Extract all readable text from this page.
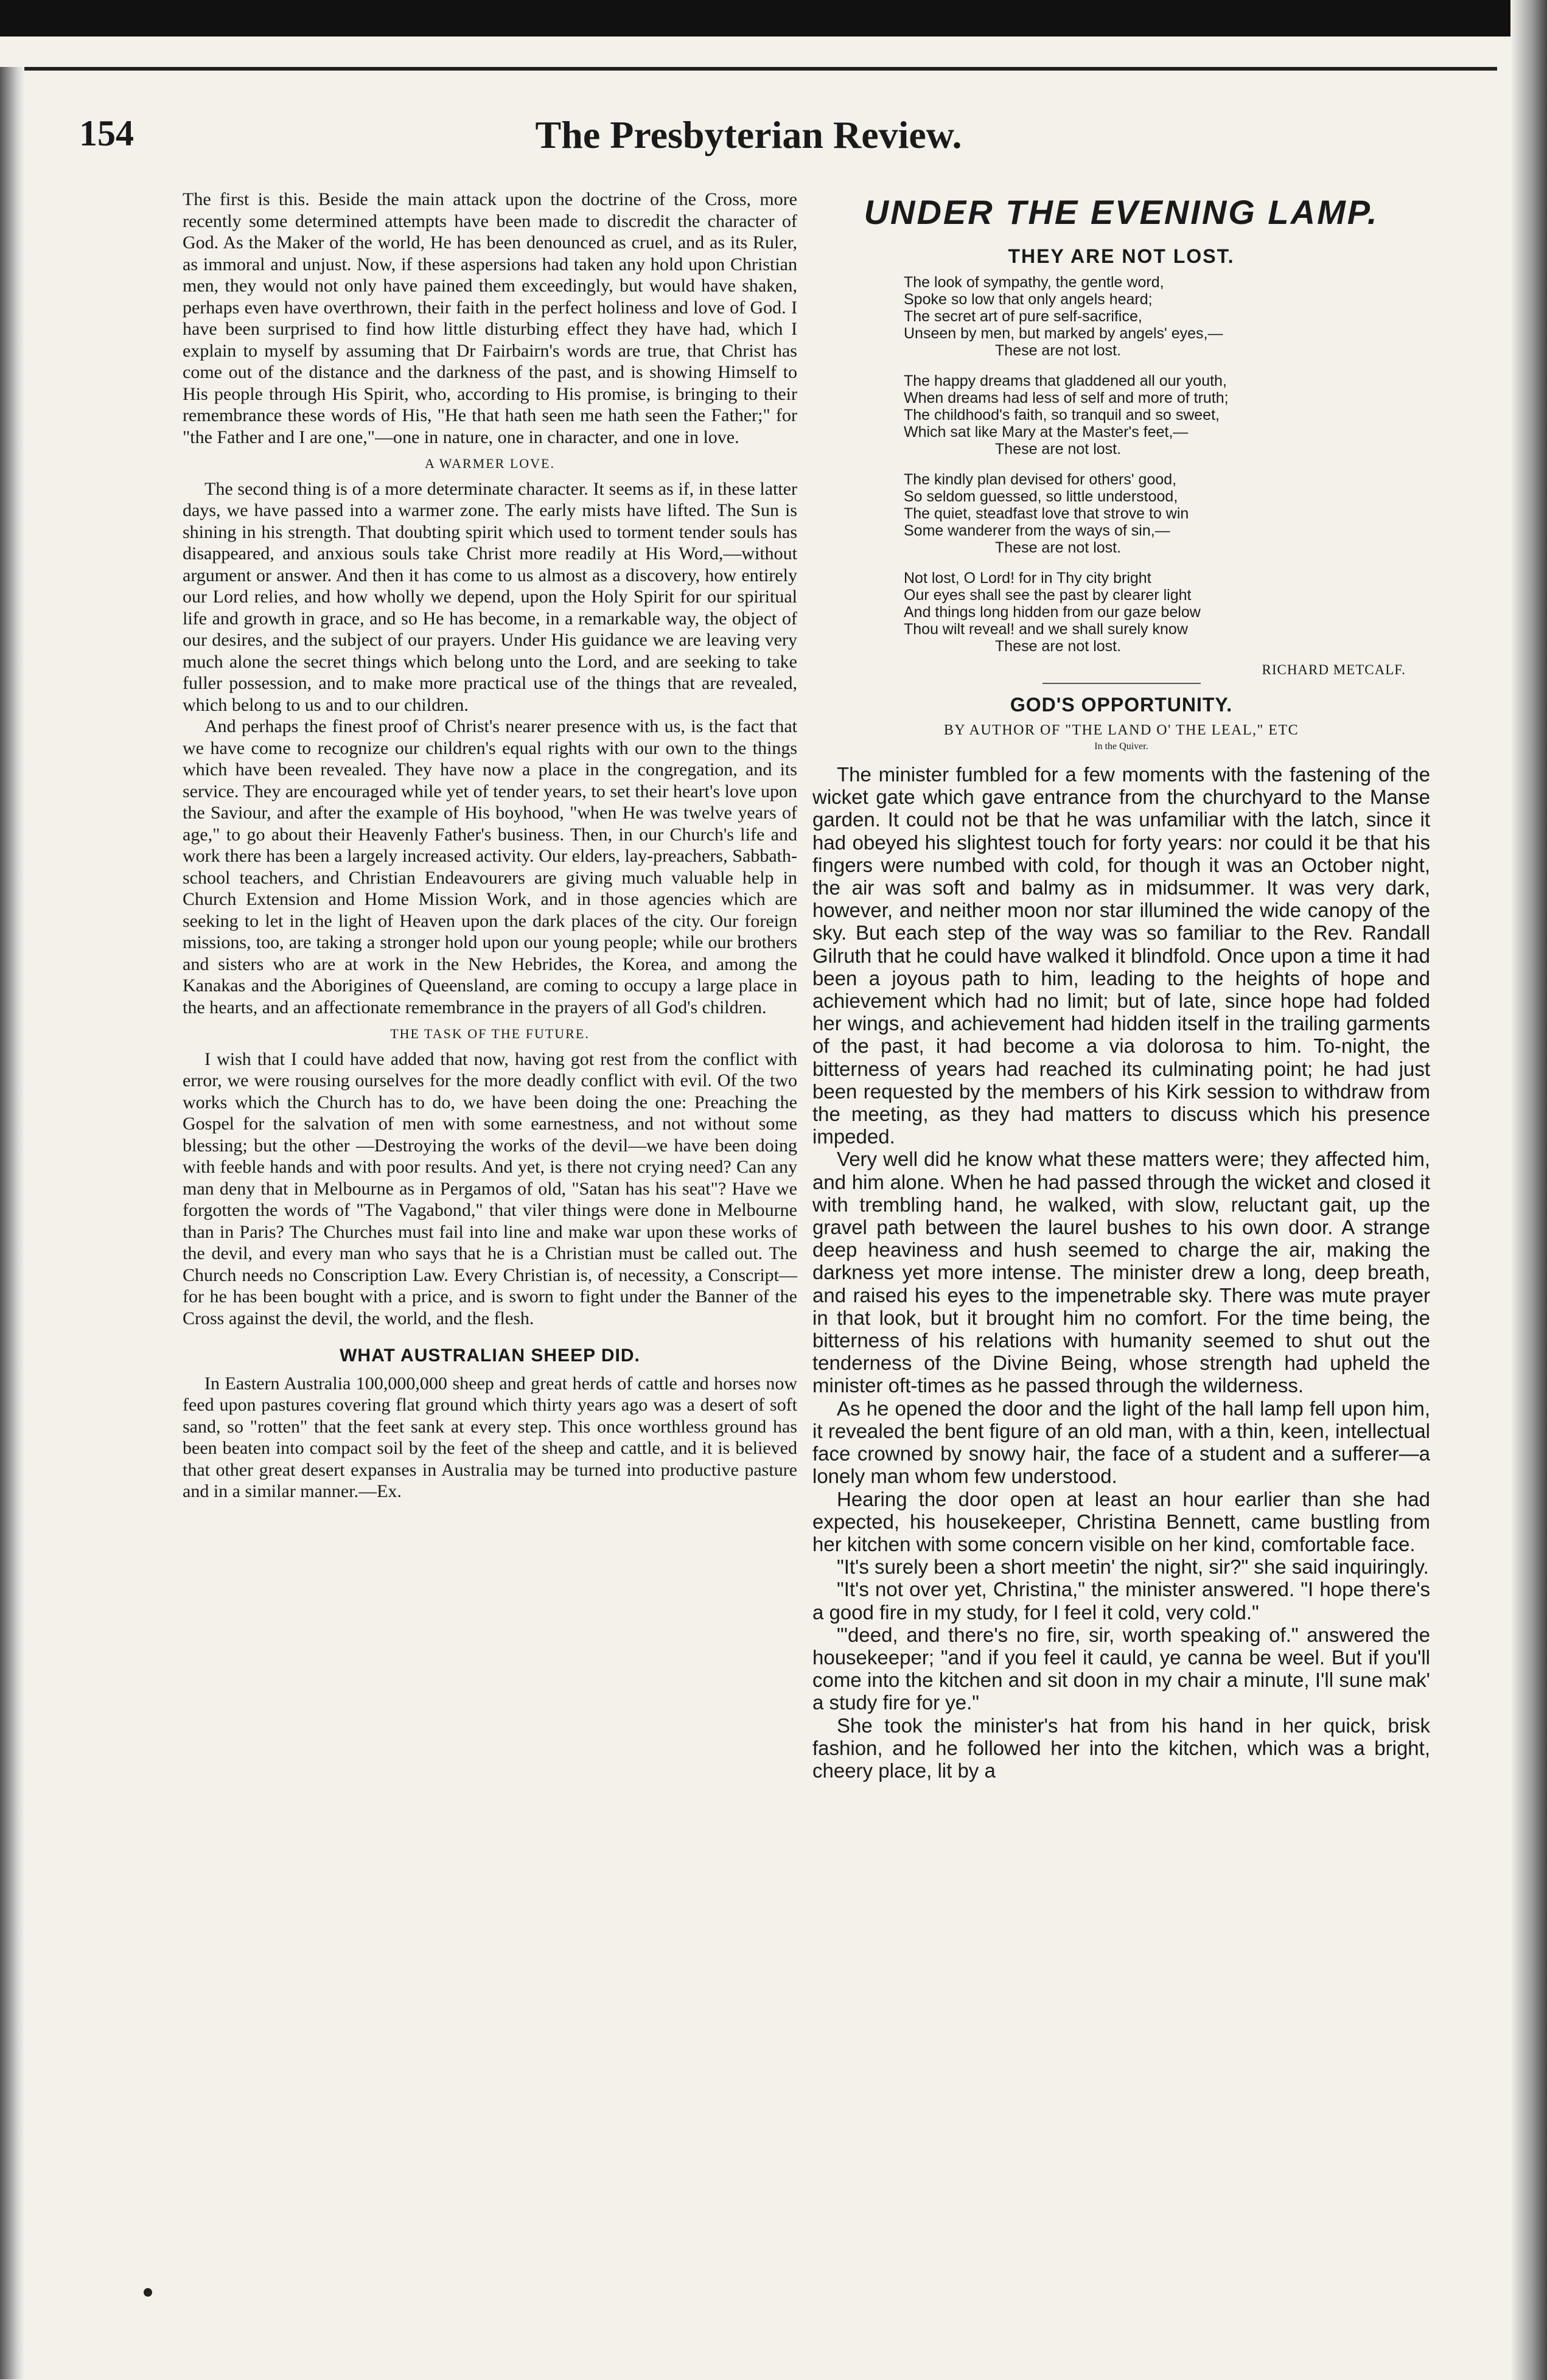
The Presbyterian Review.
154

The first is this. Beside the main attack upon the doctrine of the Cross, more recently some determined attempts have been made to discredit the character of God. As the Maker of the world, He has been denounced as cruel, and as its Ruler, as immoral and unjust. Now, if these aspersions had taken any hold upon Christian men, they would not only have pained them exceedingly, but would have shaken, perhaps even have overthrown, their faith in the perfect holiness and love of God. I have been surprised to find how little disturbing effect they have had, which I explain to myself by assuming that Dr Fairbairn's words are true, that Christ has come out of the distance and the darkness of the past, and is showing Himself to His people through His Spirit, who, according to His promise, is bringing to their remembrance these words of His, "He that hath seen me hath seen the Father;" for "the Father and I are one,"—one in nature, one in character, and one in love.

A WARMER LOVE.

The second thing is of a more determinate character. It seems as if, in these latter days, we have passed into a warmer zone. The early mists have lifted. The Sun is shining in his strength. That doubting spirit which used to torment tender souls has disappeared, and anxious souls take Christ more readily at His Word,—without argument or answer. And then it has come to us almost as a discovery, how entirely our Lord relies, and how wholly we depend, upon the Holy Spirit for our spiritual life and growth in grace, and so He has become, in a remarkable way, the object of our desires, and the subject of our prayers. Under His guidance we are leaving very much alone the secret things which belong unto the Lord, and are seeking to take fuller possession, and to make more practical use of the things that are revealed, which belong to us and to our children.

And perhaps the finest proof of Christ's nearer presence with us, is the fact that we have come to recognize our children's equal rights with our own to the things which have been revealed. They have now a place in the congregation, and its service. They are encouraged while yet of tender years, to set their heart's love upon the Saviour, and after the example of His boyhood, "when He was twelve years of age," to go about their Heavenly Father's business. Then, in our Church's life and work there has been a largely increased activity. Our elders, lay-preachers, Sabbath-school teachers, and Christian Endeavourers are giving much valuable help in Church Extension and Home Mission Work, and in those agencies which are seeking to let in the light of Heaven upon the dark places of the city. Our foreign missions, too, are taking a stronger hold upon our young people; while our brothers and sisters who are at work in the New Hebrides, the Korea, and among the Kanakas and the Aborigines of Queensland, are coming to occupy a large place in the hearts, and an affectionate remembrance in the prayers of all God's children.

THE TASK OF THE FUTURE.

I wish that I could have added that now, having got rest from the conflict with error, we were rousing ourselves for the more deadly conflict with evil. Of the two works which the Church has to do, we have been doing the one: Preaching the Gospel for the salvation of men with some earnestness, and not without some blessing; but the other —Destroying the works of the devil—we have been doing with feeble hands and with poor results. And yet, is there not crying need? Can any man deny that in Melbourne as in Pergamos of old, "Satan has his seat"? Have we forgotten the words of "The Vagabond," that viler things were done in Melbourne than in Paris? The Churches must fail into line and make war upon these works of the devil, and every man who says that he is a Christian must be called out. The Church needs no Conscription Law. Every Christian is, of necessity, a Conscript—for he has been bought with a price, and is sworn to fight under the Banner of the Cross against the devil, the world, and the flesh.

WHAT AUSTRALIAN SHEEP DID.

In Eastern Australia 100,000,000 sheep and great herds of cattle and horses now feed upon pastures covering flat ground which thirty years ago was a desert of soft sand, so "rotten" that the feet sank at every step. This once worthless ground has been beaten into compact soil by the feet of the sheep and cattle, and it is believed that other great desert expanses in Australia may be turned into productive pasture and in a similar manner.—Ex.

UNDER THE EVENING LAMP.
THEY ARE NOT LOST.
The look of sympathy, the gentle word,
Spoke so low that only angels heard;
The secret art of pure self-sacrifice,
Unseen by men, but marked by angels' eyes,—
These are not lost.
The happy dreams that gladdened all our youth,
When dreams had less of self and more of truth;
The childhood's faith, so tranquil and so sweet,
Which sat like Mary at the Master's feet,—
These are not lost.
The kindly plan devised for others' good,
So seldom guessed, so little understood,
The quiet, steadfast love that strove to win
Some wanderer from the ways of sin,—
These are not lost.
Not lost, O Lord! for in Thy city bright
Our eyes shall see the past by clearer light
And things long hidden from our gaze below
Thou wilt reveal! and we shall surely know
These are not lost.
RICHARD METCALF.
GOD'S OPPORTUNITY.
BY AUTHOR OF "THE LAND O' THE LEAL," ETC
In the Quiver.

The minister fumbled for a few moments with the fastening of the wicket gate which gave entrance from the churchyard to the Manse garden. It could not be that he was unfamiliar with the latch, since it had obeyed his slightest touch for forty years: nor could it be that his fingers were numbed with cold, for though it was an October night, the air was soft and balmy as in midsummer. It was very dark, however, and neither moon nor star illumined the wide canopy of the sky. But each step of the way was so familiar to the Rev. Randall Gilruth that he could have walked it blindfold. Once upon a time it had been a joyous path to him, leading to the heights of hope and achievement which had no limit; but of late, since hope had folded her wings, and achievement had hidden itself in the trailing garments of the past, it had become a via dolorosa to him. To-night, the bitterness of years had reached its culminating point; he had just been requested by the members of his Kirk session to withdraw from the meeting, as they had matters to discuss which his presence impeded.

Very well did he know what these matters were; they affected him, and him alone. When he had passed through the wicket and closed it with trembling hand, he walked, with slow, reluctant gait, up the gravel path between the laurel bushes to his own door. A strange deep heaviness and hush seemed to charge the air, making the darkness yet more intense. The minister drew a long, deep breath, and raised his eyes to the impenetrable sky. There was mute prayer in that look, but it brought him no comfort. For the time being, the bitterness of his relations with humanity seemed to shut out the tenderness of the Divine Being, whose strength had upheld the minister oft-times as he passed through the wilderness.

As he opened the door and the light of the hall lamp fell upon him, it revealed the bent figure of an old man, with a thin, keen, intellectual face crowned by snowy hair, the face of a student and a sufferer—a lonely man whom few understood.

Hearing the door open at least an hour earlier than she had expected, his housekeeper, Christina Bennett, came bustling from her kitchen with some concern visible on her kind, comfortable face.

"It's surely been a short meetin' the night, sir?" she said inquiringly.

"It's not over yet, Christina," the minister answered. "I hope there's a good fire in my study, for I feel it cold, very cold."

"'deed, and there's no fire, sir, worth speaking of." answered the housekeeper; "and if you feel it cauld, ye canna be weel. But if you'll come into the kitchen and sit doon in my chair a minute, I'll sune mak' a study fire for ye."

She took the minister's hat from his hand in her quick, brisk fashion, and he followed her into the kitchen, which was a bright, cheery place, lit by a
